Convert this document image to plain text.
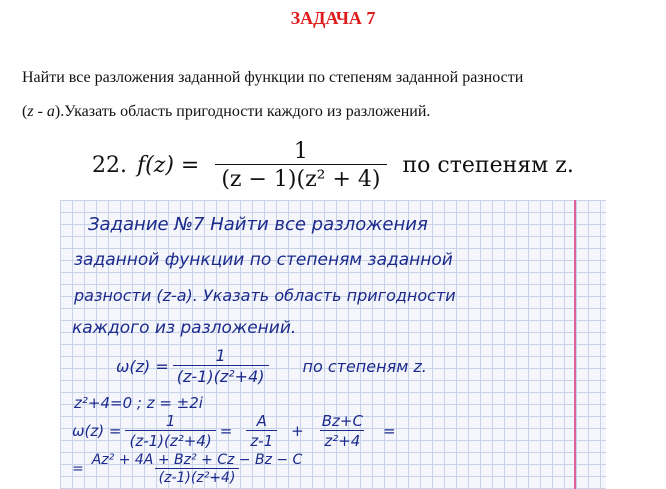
ЗАДАЧА 7
Найти все разложения заданной функции по степеням заданной разности
(z - a).Указать область пригодности каждого из разложений.
22. $f(z) = \frac{1}{\text{(z − 1)(z² + 4)}}$ по степеням z.
Задание №7 Найти все разложения
заданной функции по степеням заданной
разности (z-a). Указать область пригодности
каждого из разложений.
$\omega(z) = \frac{1}{\text{(z-1)(z²+4)}}$ по степеням z.
z²+4=0 ; z = ±2i
$\omega(z) = \frac{1}{\text{(z-1)(z²+4)}} = \frac{A}{z-1} + \frac{Bz+C}{\text{z²+4}}$ =
= $\frac{\text{Az² + 4A + Bz² + Cz − Bz − C}}{\text{(z-1)(z²+4)}}$
